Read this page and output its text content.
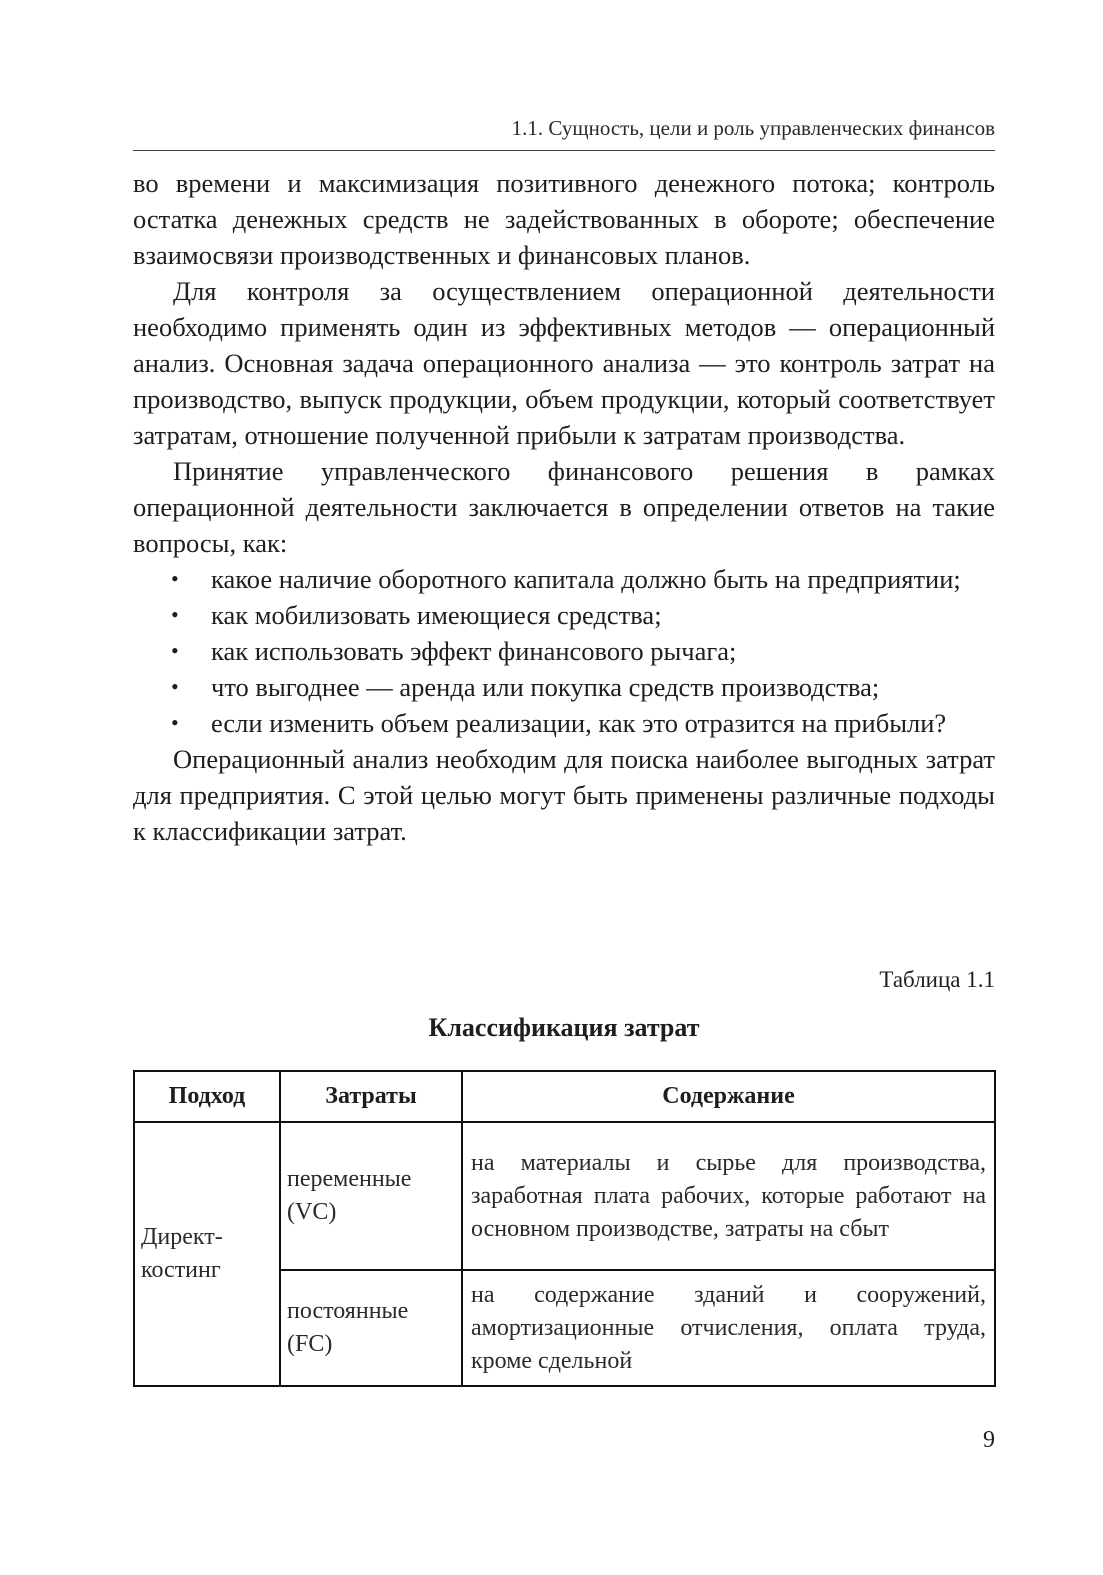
1.1. Сущность, цели и роль управленческих финансов

во времени и максимизация позитивного денежного потока; контроль остатка денежных средств не задействованных в обороте; обеспечение взаимосвязи производственных и финансовых планов.

Для контроля за осуществлением операционной деятельности необходимо применять один из эффективных методов — операционный анализ. Основная задача операционного анализа — это контроль затрат на производство, выпуск продукции, объем продукции, который соответствует затратам, отношение полученной прибыли к затратам производства.

Принятие управленческого финансового решения в рамках операционной деятельности заключается в определении ответов на такие вопросы, как:

• какое наличие оборотного капитала должно быть на предприятии;
• как мобилизовать имеющиеся средства;
• как использовать эффект финансового рычага;
• что выгоднее — аренда или покупка средств производства;
• если изменить объем реализации, как это отразится на прибыли?

Операционный анализ необходим для поиска наиболее выгодных затрат для предприятия. С этой целью могут быть применены различные подходы к классификации затрат.

Таблица 1.1
Классификация затрат
Подход	Затраты	Содержание
Директ-костинг	переменные (VC)	на материалы и сырье для производства, заработная плата рабочих, которые работают на основном производстве, затраты на сбыт
	постоянные (FC)	на содержание зданий и сооружений, амортизационные отчисления, оплата труда, кроме сдельной
9
